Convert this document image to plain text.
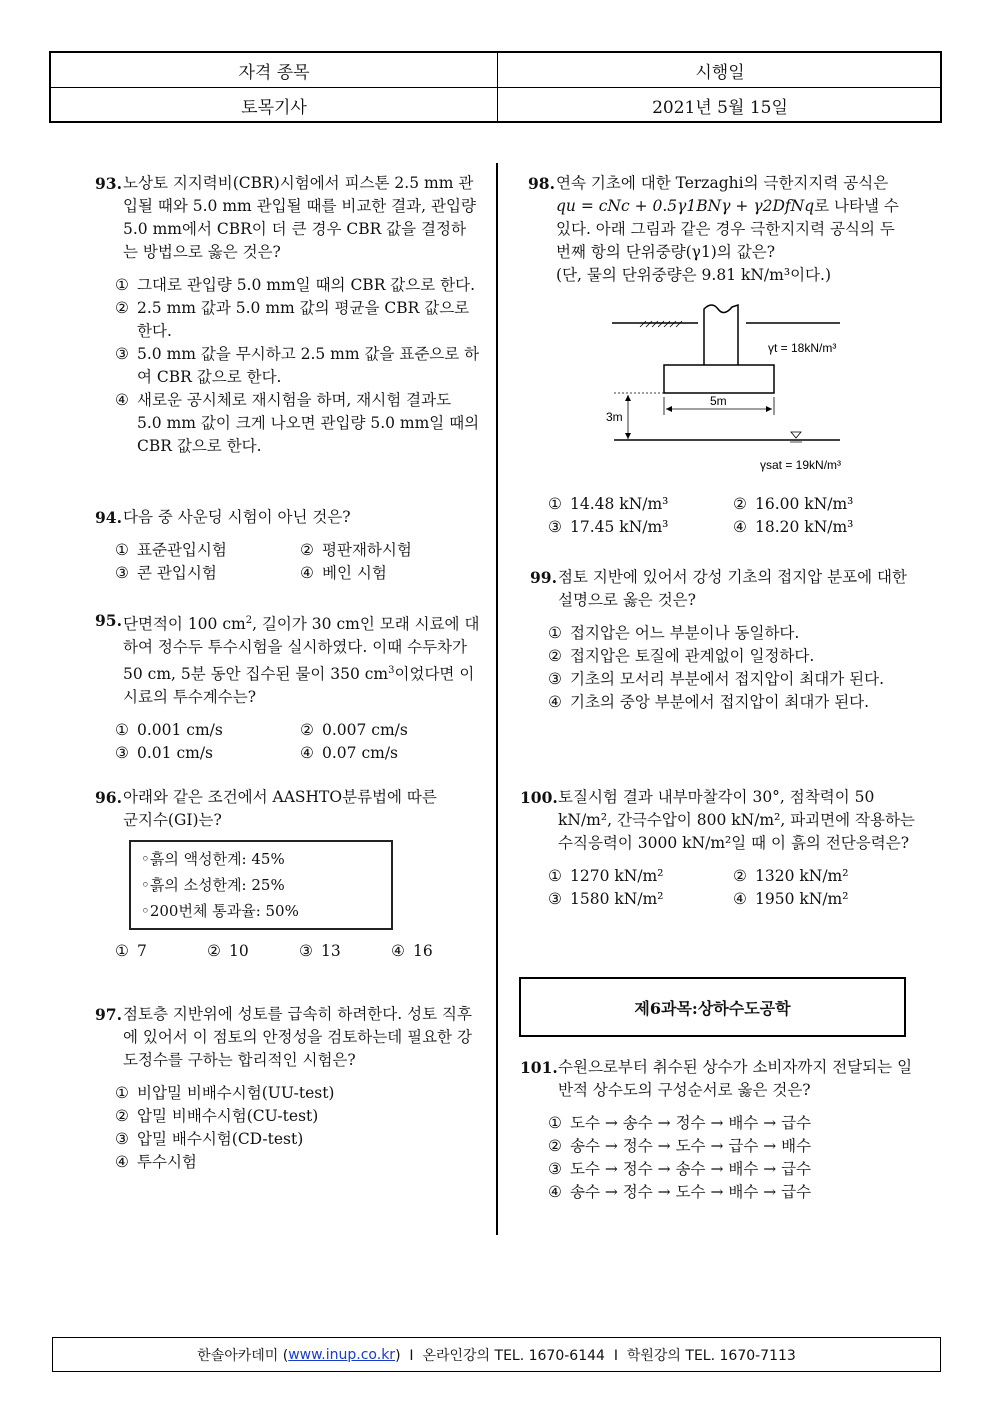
자격 종목	시행일
토목기사	2021년 5월 15일
93. 노상토 지지력비(CBR)시험에서 피스톤 2.5 mm 관입될 때와 5.0 mm 관입될 때를 비교한 결과, 관입량 5.0 mm에서 CBR이 더 큰 경우 CBR 값을 결정하는 방법으로 옳은 것은?
① 그대로 관입량 5.0 mm일 때의 CBR 값으로 한다.
② 2.5 mm 값과 5.0 mm 값의 평균을 CBR 값으로 한다.
③ 5.0 mm 값을 무시하고 2.5 mm 값을 표준으로 하여 CBR 값으로 한다.
④ 새로운 공시체로 재시험을 하며, 재시험 결과도 5.0 mm 값이 크게 나오면 관입량 5.0 mm일 때의 CBR 값으로 한다.
94. 다음 중 사운딩 시험이 아닌 것은?
① 표준관입시험	② 평판재하시험
③ 콘 관입시험	④ 베인 시험
95. 단면적이 100 $cm^2$, 길이가 30 cm인 모래 시료에 대하여 정수두 투수시험을 실시하였다. 이때 수두차가 50 cm, 5분 동안 집수된 물이 350 $cm^3$이었다면 이 시료의 투수계수는?
① 0.001 cm/s	② 0.007 cm/s
③ 0.01 cm/s	④ 0.07 cm/s
96. 아래와 같은 조건에서 AASHTO분류법에 따른 군지수(GI)는?
◦흙의 액성한계: 45%
◦흙의 소성한계: 25%
◦200번체 통과율: 50%
① 7	② 10	③ 13	④ 16
97. 점토층 지반위에 성토를 급속히 하려한다. 성토 직후에 있어서 이 점토의 안정성을 검토하는데 필요한 강도정수를 구하는 합리적인 시험은?
① 비압밀 비배수시험(UU-test)
② 압밀 비배수시험(CU-test)
③ 압밀 배수시험(CD-test)
④ 투수시험
98. 연속 기초에 대한 Terzaghi의 극한지지력 공식은 qu = cNc + 0.5γ1BNγ + γ2DfNq로 나타낼 수 있다. 아래 그림과 같은 경우 극한지지력 공식의 두 번째 항의 단위중량(γ1)의 값은?
(단, 물의 단위중량은 9.81 kN/m³이다.)
5m
3m
γt = 18kN/m³
γsat = 19kN/m³
① 14.48 kN/m³	② 16.00 kN/m³
③ 17.45 kN/m³	④ 18.20 kN/m³
99. 점토 지반에 있어서 강성 기초의 접지압 분포에 대한 설명으로 옳은 것은?
① 접지압은 어느 부분이나 동일하다.
② 접지압은 토질에 관계없이 일정하다.
③ 기초의 모서리 부분에서 접지압이 최대가 된다.
④ 기초의 중앙 부분에서 접지압이 최대가 된다.
100. 토질시험 결과 내부마찰각이 30°, 점착력이 50 kN/m², 간극수압이 800 kN/m², 파괴면에 작용하는 수직응력이 3000 kN/m²일 때 이 흙의 전단응력은?
① 1270 kN/m²	② 1320 kN/m²
③ 1580 kN/m²	④ 1950 kN/m²
제6과목:상하수도공학
101. 수원으로부터 취수된 상수가 소비자까지 전달되는 일반적 상수도의 구성순서로 옳은 것은?
① 도수 → 송수 → 정수 → 배수 → 급수
② 송수 → 정수 → 도수 → 급수 → 배수
③ 도수 → 정수 → 송수 → 배수 → 급수
④ 송수 → 정수 → 도수 → 배수 → 급수
한솔아카데미 ( www.inup.co.kr )  I  온라인강의 TEL. 1670-6144  I  학원강의 TEL. 1670-7113
